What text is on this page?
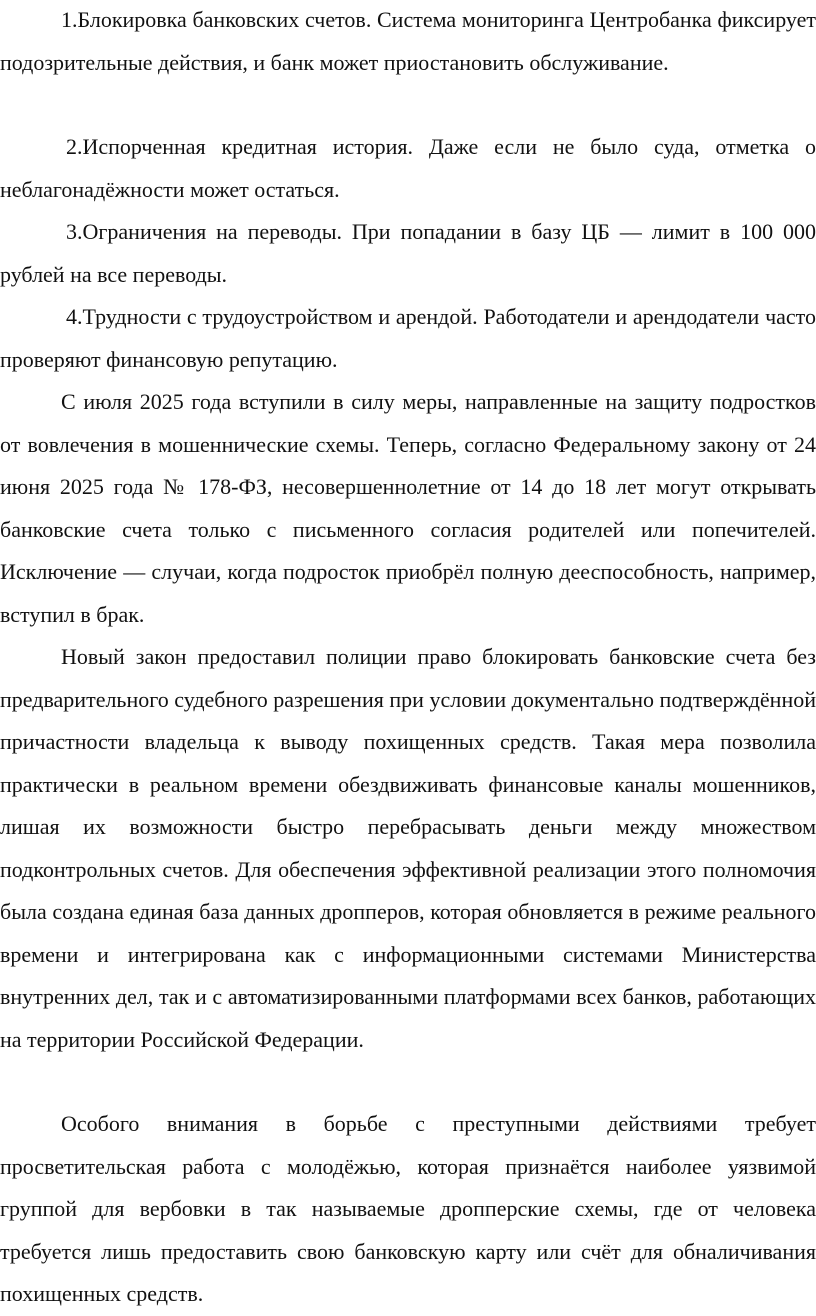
1.Блокировка банковских счетов. Система мониторинга Центробанка фиксирует подозрительные действия, и банк может приостановить обслуживание.

2.Испорченная кредитная история. Даже если не было суда, отметка о неблагонадёжности может остаться.

3.Ограничения на переводы. При попадании в базу ЦБ — лимит в 100 000 рублей на все переводы.

4.Трудности с трудоустройством и арендой. Работодатели и арендодатели часто проверяют финансовую репутацию.

С июля 2025 года вступили в силу меры, направленные на защиту подростков от вовлечения в мошеннические схемы. Теперь, согласно Федеральному закону от 24 июня 2025 года № 178-ФЗ, несовершеннолетние от 14 до 18 лет могут открывать банковские счета только с письменного согласия родителей или попечителей. Исключение — случаи, когда подросток приобрёл полную дееспособность, например, вступил в брак.

Новый закон предоставил полиции право блокировать банковские счета без предварительного судебного разрешения при условии документально подтверждённой причастности владельца к выводу похищенных средств. Такая мера позволила практически в реальном времени обездвиживать финансовые каналы мошенников, лишая их возможности быстро перебрасывать деньги между множеством подконтрольных счетов. Для обеспечения эффективной реализации этого полномочия была создана единая база данных дропперов, которая обновляется в режиме реального времени и интегрирована как с информационными системами Министерства внутренних дел, так и с автоматизированными платформами всех банков, работающих на территории Российской Федерации.

Особого внимания в борьбе с преступными действиями требует просветительская работа с молодёжью, которая признаётся наиболее уязвимой группой для вербовки в так называемые дропперские схемы, где от человека требуется лишь предоставить свою банковскую карту или счёт для обналичивания похищенных средств.
